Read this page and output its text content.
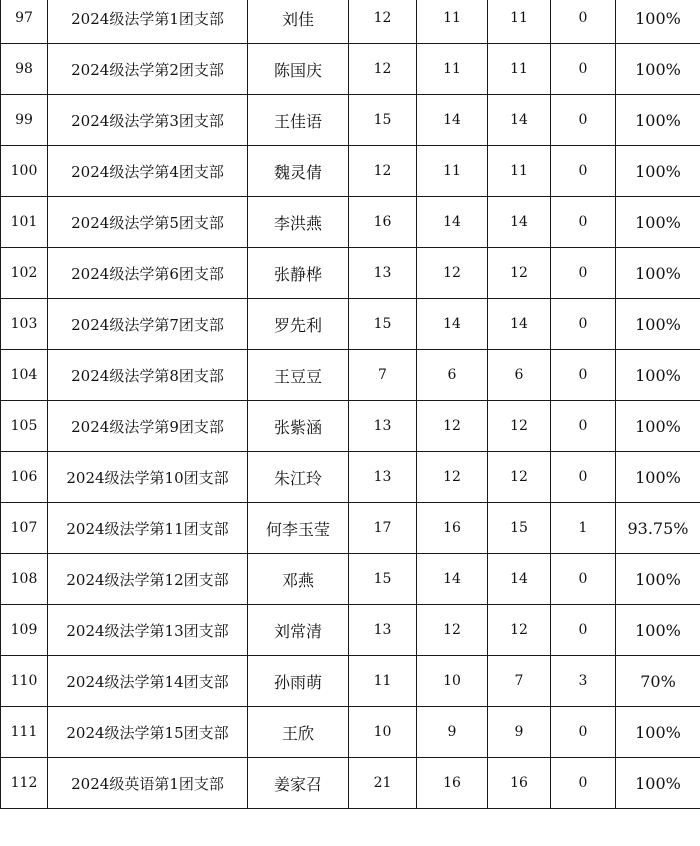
97	2024级法学第1团支部	刘佳	12	11	11	0	100%
98	2024级法学第2团支部	陈国庆	12	11	11	0	100%
99	2024级法学第3团支部	王佳语	15	14	14	0	100%
100	2024级法学第4团支部	魏灵倩	12	11	11	0	100%
101	2024级法学第5团支部	李洪燕	16	14	14	0	100%
102	2024级法学第6团支部	张静桦	13	12	12	0	100%
103	2024级法学第7团支部	罗先利	15	14	14	0	100%
104	2024级法学第8团支部	王豆豆	7	6	6	0	100%
105	2024级法学第9团支部	张紫涵	13	12	12	0	100%
106	2024级法学第10团支部	朱江玲	13	12	12	0	100%
107	2024级法学第11团支部	何李玉莹	17	16	15	1	93.75%
108	2024级法学第12团支部	邓燕	15	14	14	0	100%
109	2024级法学第13团支部	刘常清	13	12	12	0	100%
110	2024级法学第14团支部	孙雨萌	11	10	7	3	70%
111	2024级法学第15团支部	王欣	10	9	9	0	100%
112	2024级英语第1团支部	姜家召	21	16	16	0	100%
